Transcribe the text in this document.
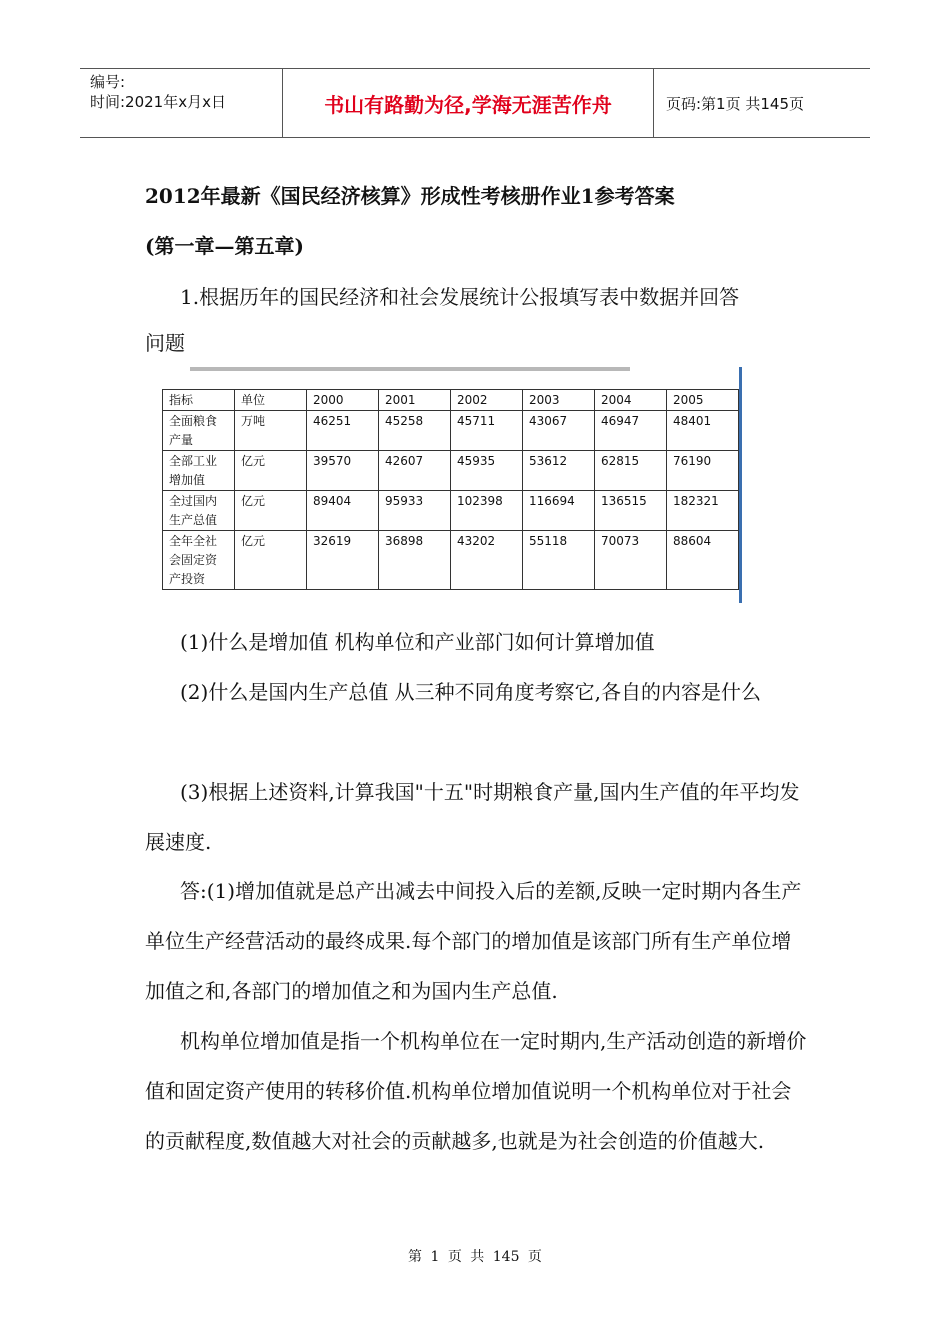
编号:
时间:2021年x月x日	书山有路勤为径,学海无涯苦作舟	页码:第1页 共145页
2012年最新《国民经济核算》形成性考核册作业1参考答案
(第一章—第五章)

1.根据历年的国民经济和社会发展统计公报填写表中数据并回答

问题

指标	单位	2000	2001	2002	2003	2004	2005

全面粮食
产量	万吨	46251	45258	45711	43067	46947	48401

全部工业
增加值	亿元	39570	42607	45935	53612	62815	76190

全过国内
生产总值	亿元	89404	95933	102398	116694	136515	182321

全年全社
会固定资
产投资	亿元	32619	36898	43202	55118	70073	88604

(1)什么是增加值 机构单位和产业部门如何计算增加值

(2)什么是国内生产总值 从三种不同角度考察它,各自的内容是什么

(3)根据上述资料,计算我国"十五"时期粮食产量,国内生产值的年平均发展速度.

答:(1)增加值就是总产出减去中间投入后的差额,反映一定时期内各生产单位生产经营活动的最终成果.每个部门的增加值是该部门所有生产单位增加值之和,各部门的增加值之和为国内生产总值.

机构单位增加值是指一个机构单位在一定时期内,生产活动创造的新增价值和固定资产使用的转移价值.机构单位增加值说明一个机构单位对于社会的贡献程度,数值越大对社会的贡献越多,也就是为社会创造的价值越大.

第 1 页 共 145 页
